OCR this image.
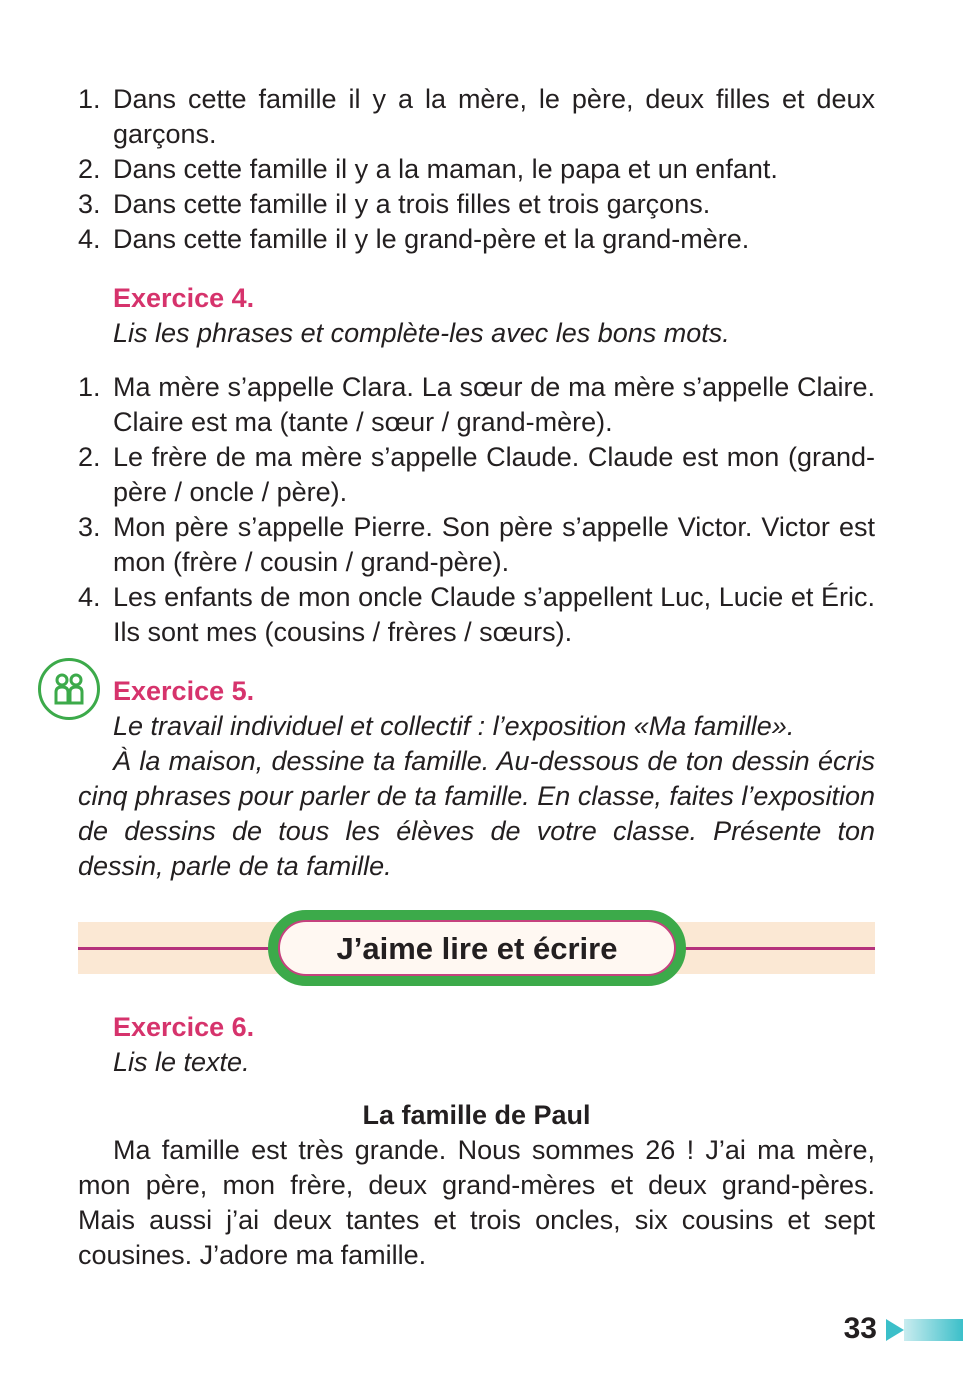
1. Dans cette famille il y a la mère, le père, deux filles et deux garçons.
2. Dans cette famille il y a la maman, le papa et un enfant.
3. Dans cette famille il y a trois filles et trois garçons.
4. Dans cette famille il y le grand-père et la grand-mère.
Exercice 4.
Lis les phrases et complète-les avec les bons mots.
1. Ma mère s’appelle Clara. La sœur de ma mère s’appelle Claire. Claire est ma (tante / sœur / grand-mère).
2. Le frère de ma mère s’appelle Claude. Claude est mon (grand-père / oncle / père).
3. Mon père s’appelle Pierre. Son père s’appelle Victor. Victor est mon (frère / cousin / grand-père).
4. Les enfants de mon oncle Claude s’appellent Luc, Lucie et Éric. Ils sont mes (cousins / frères / sœurs).
Exercice 5.
Le travail individuel et collectif : l’exposition «Ma famille».
À la maison, dessine ta famille. Au-dessous de ton dessin écris cinq phrases pour parler de ta famille. En classe, faites l’exposition de dessins de tous les élèves de votre classe. Présente ton dessin, parle de ta famille.
J’aime lire et écrire
Exercice 6.
Lis le texte.
La famille de Paul
Ma famille est très grande. Nous sommes 26 ! J’ai ma mère, mon père, mon frère, deux grand-mères et deux grand-pères. Mais aussi j’ai deux tantes et trois oncles, six cousins et sept cousines. J’adore ma famille.
33
